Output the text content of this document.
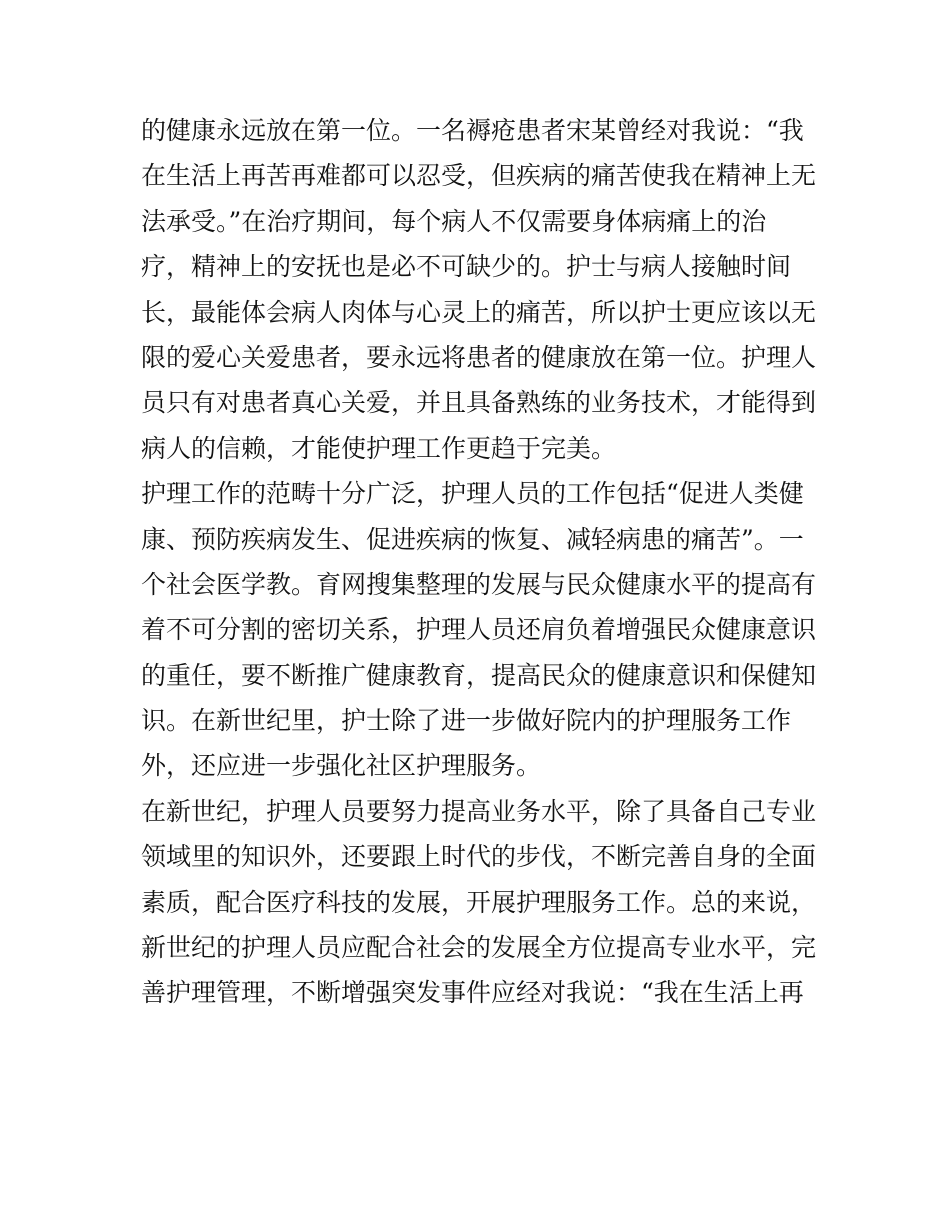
的健康永远放在第一位。一名褥疮患者宋某曾经对我说：“我
在生活上再苦再难都可以忍受，但疾病的痛苦使我在精神上无
法承受。”在治疗期间，每个病人不仅需要身体病痛上的治
疗，精神上的安抚也是必不可缺少的。护士与病人接触时间
长，最能体会病人肉体与心灵上的痛苦，所以护士更应该以无
限的爱心关爱患者，要永远将患者的健康放在第一位。护理人
员只有对患者真心关爱，并且具备熟练的业务技术，才能得到
病人的信赖，才能使护理工作更趋于完美。
护理工作的范畴十分广泛，护理人员的工作包括“促进人类健
康、预防疾病发生、促进疾病的恢复、减轻病患的痛苦”。一
个社会医学教。育网搜集整理的发展与民众健康水平的提高有
着不可分割的密切关系，护理人员还肩负着增强民众健康意识
的重任，要不断推广健康教育，提高民众的健康意识和保健知
识。在新世纪里，护士除了进一步做好院内的护理服务工作
外，还应进一步强化社区护理服务。
在新世纪，护理人员要努力提高业务水平，除了具备自己专业
领域里的知识外，还要跟上时代的步伐，不断完善自身的全面
素质，配合医疗科技的发展，开展护理服务工作。总的来说，
新世纪的护理人员应配合社会的发展全方位提高专业水平，完
善护理管理，不断增强突发事件应经对我说：“我在生活上再
